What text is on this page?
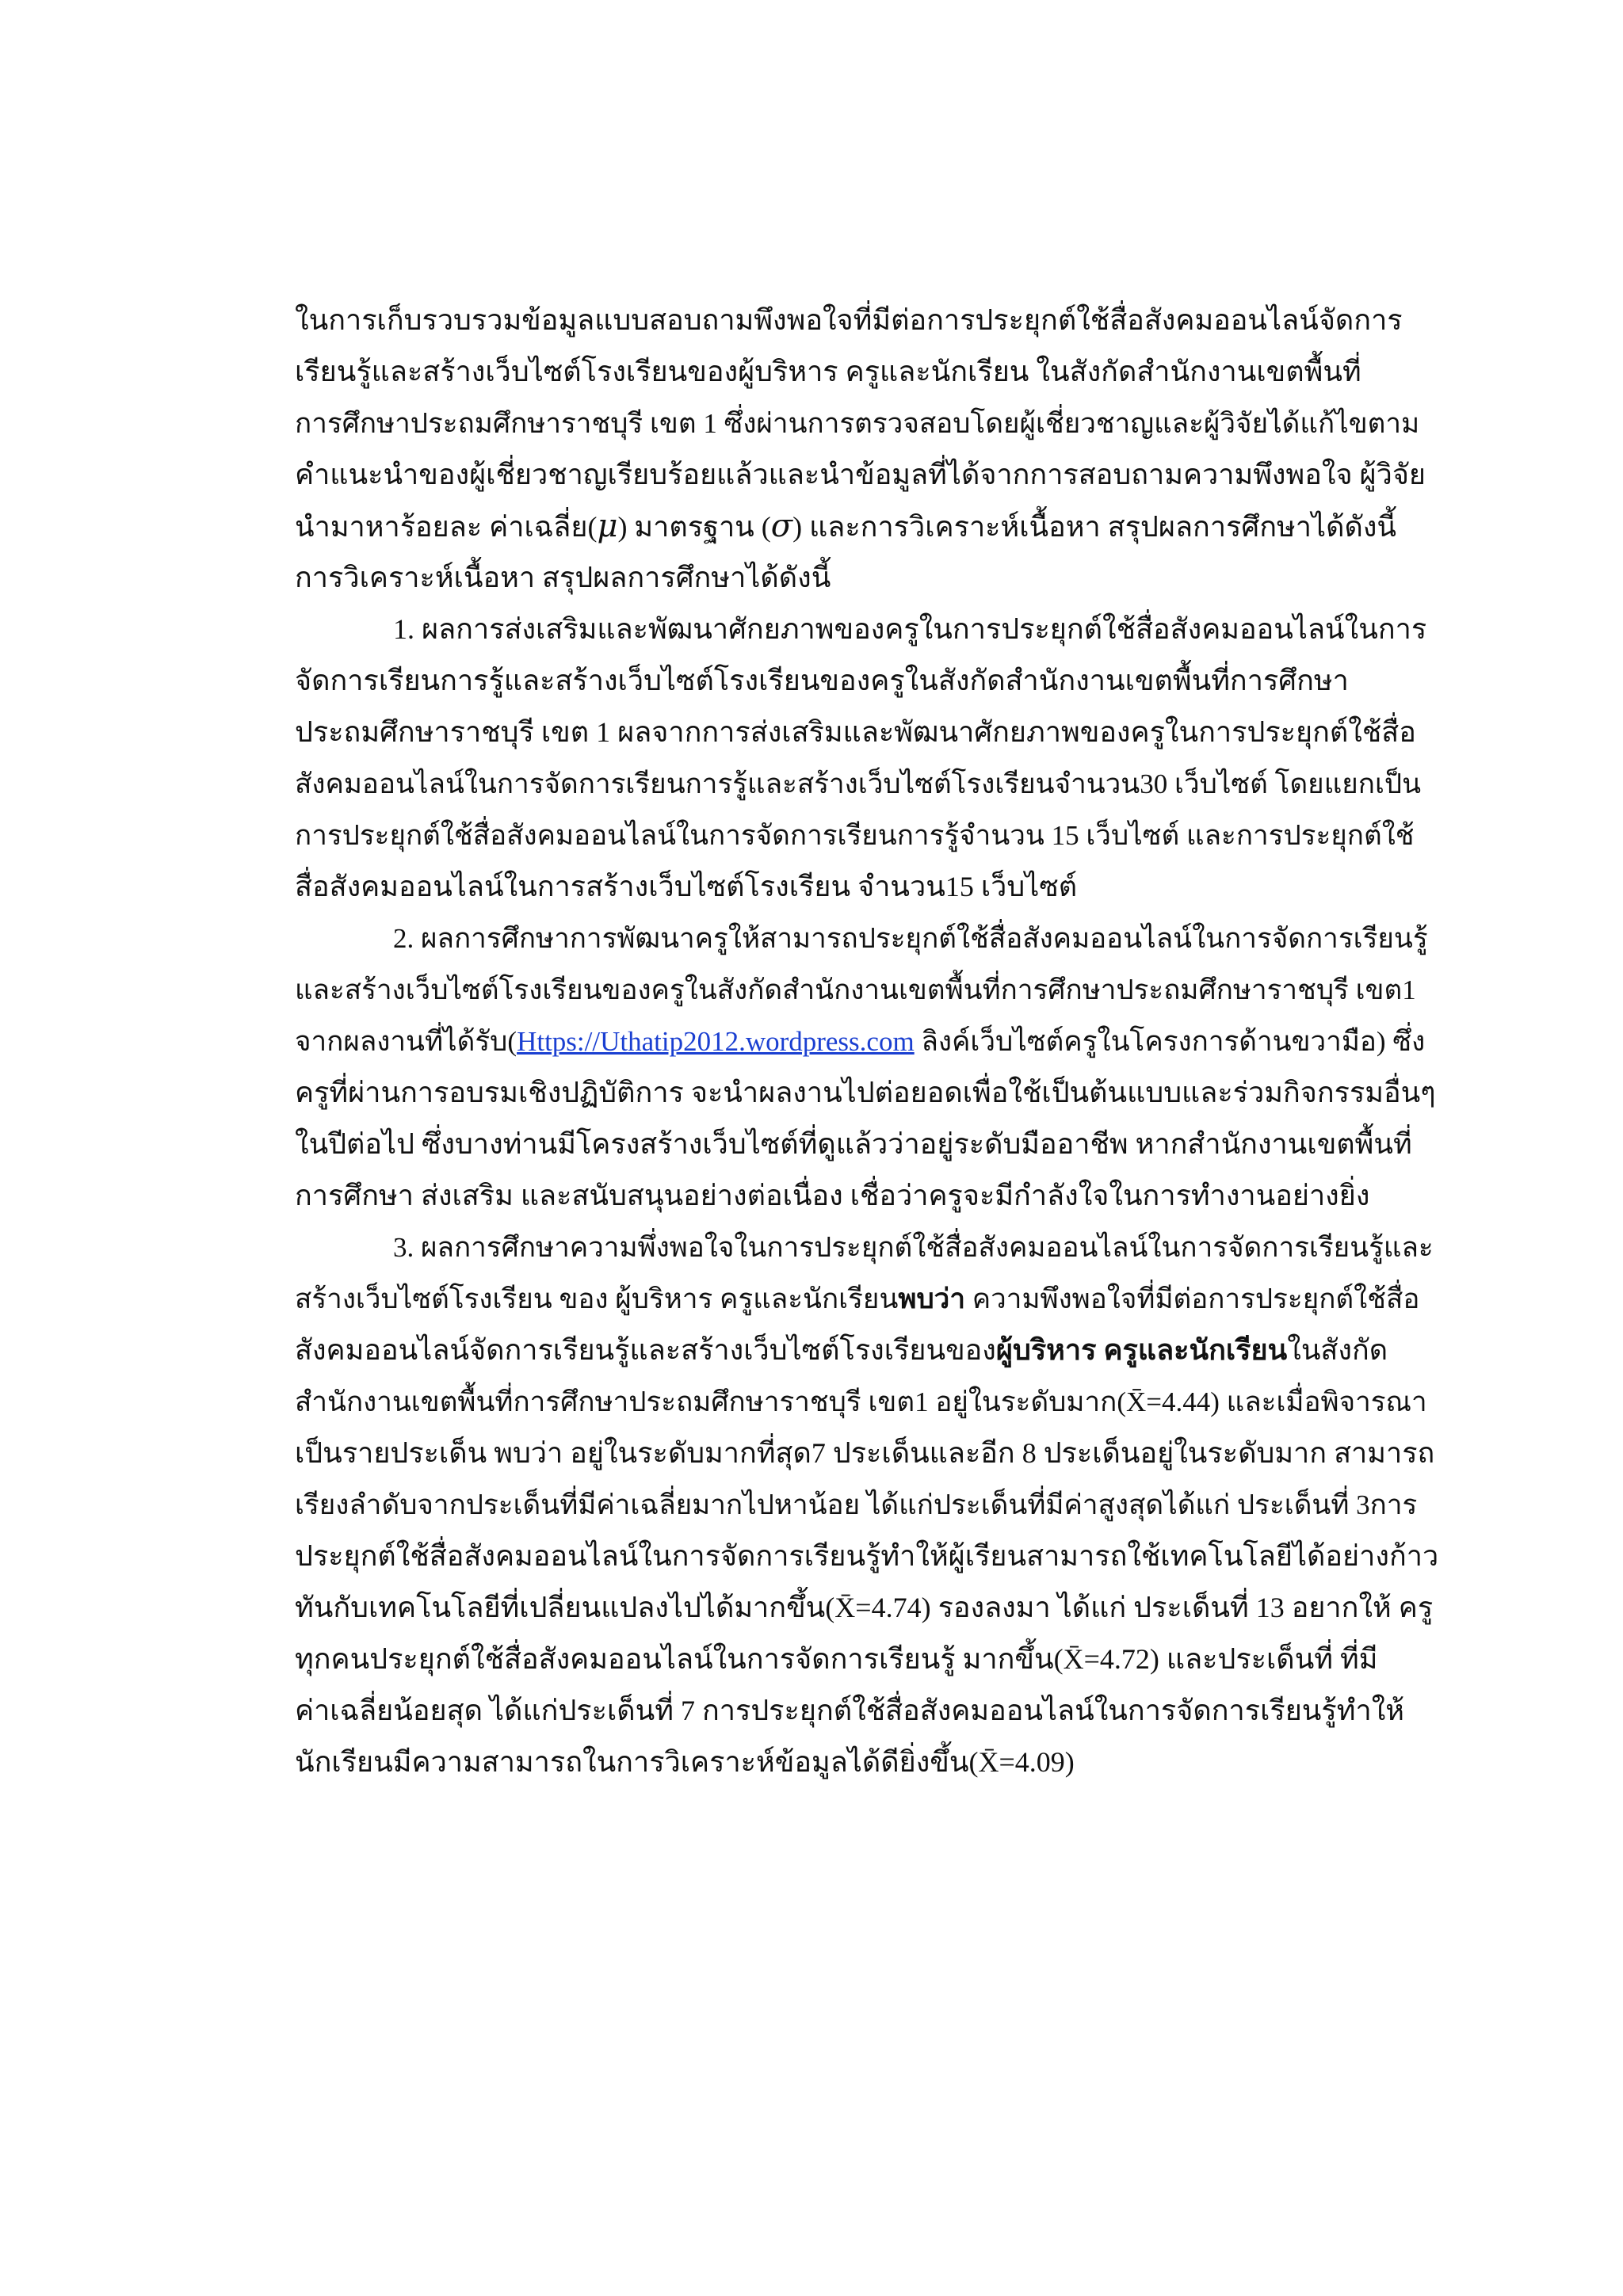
ในการเก็บรวบรวมข้อมูลแบบสอบถามพึงพอใจที่มีต่อการประยุกต์ใช้สื่อสังคมออนไลน์จัดการ
เรียนรู้และสร้างเว็บไซต์โรงเรียนของผู้บริหาร ครูและนักเรียน ในสังกัดสำนักงานเขตพื้นที่
การศึกษาประถมศึกษาราชบุรี เขต 1 ซึ่งผ่านการตรวจสอบโดยผู้เชี่ยวชาญและผู้วิจัยได้แก้ไขตาม
คำแนะนำของผู้เชี่ยวชาญเรียบร้อยแล้วและนำข้อมูลที่ได้จากการสอบถามความพึงพอใจ ผู้วิจัย
นำมาหาร้อยละ ค่าเฉลี่ย(μ) มาตรฐาน (σ) และการวิเคราะห์เนื้อหา สรุปผลการศึกษาได้ดังนี้
การวิเคราะห์เนื้อหา สรุปผลการศึกษาได้ดังนี้
1. ผลการส่งเสริมและพัฒนาศักยภาพของครูในการประยุกต์ใช้สื่อสังคมออนไลน์ในการ
จัดการเรียนการรู้และสร้างเว็บไซต์โรงเรียนของครูในสังกัดสำนักงานเขตพื้นที่การศึกษา
ประถมศึกษาราชบุรี เขต 1 ผลจากการส่งเสริมและพัฒนาศักยภาพของครูในการประยุกต์ใช้สื่อ
สังคมออนไลน์ในการจัดการเรียนการรู้และสร้างเว็บไซต์โรงเรียนจำนวน30 เว็บไซต์ โดยแยกเป็น
การประยุกต์ใช้สื่อสังคมออนไลน์ในการจัดการเรียนการรู้จำนวน 15 เว็บไซต์ และการประยุกต์ใช้
สื่อสังคมออนไลน์ในการสร้างเว็บไซต์โรงเรียน จำนวน15 เว็บไซต์
2. ผลการศึกษาการพัฒนาครูให้สามารถประยุกต์ใช้สื่อสังคมออนไลน์ในการจัดการเรียนรู้
และสร้างเว็บไซต์โรงเรียนของครูในสังกัดสำนักงานเขตพื้นที่การศึกษาประถมศึกษาราชบุรี เขต1
จากผลงานที่ได้รับ(Https://Uthatip2012.wordpress.com ลิงค์เว็บไซต์ครูในโครงการด้านขวามือ) ซึ่ง
ครูที่ผ่านการอบรมเชิงปฏิบัติการ จะนำผลงานไปต่อยอดเพื่อใช้เป็นต้นแบบและร่วมกิจกรรมอื่นๆ
ในปีต่อไป ซึ่งบางท่านมีโครงสร้างเว็บไซต์ที่ดูแล้วว่าอยู่ระดับมืออาชีพ หากสำนักงานเขตพื้นที่
การศึกษา ส่งเสริม และสนับสนุนอย่างต่อเนื่อง เชื่อว่าครูจะมีกำลังใจในการทำงานอย่างยิ่ง
3. ผลการศึกษาความพึ่งพอใจในการประยุกต์ใช้สื่อสังคมออนไลน์ในการจัดการเรียนรู้และ
สร้างเว็บไซต์โรงเรียน ของ ผู้บริหาร ครูและนักเรียนพบว่า ความพึงพอใจที่มีต่อการประยุกต์ใช้สื่อ
สังคมออนไลน์จัดการเรียนรู้และสร้างเว็บไซต์โรงเรียนของผู้บริหาร ครูและนักเรียนในสังกัด
สำนักงานเขตพื้นที่การศึกษาประถมศึกษาราชบุรี เขต1 อยู่ในระดับมาก(X̄=4.44) และเมื่อพิจารณา
เป็นรายประเด็น พบว่า อยู่ในระดับมากที่สุด7 ประเด็นและอีก 8 ประเด็นอยู่ในระดับมาก สามารถ
เรียงลำดับจากประเด็นที่มีค่าเฉลี่ยมากไปหาน้อย ได้แก่ประเด็นที่มีค่าสูงสุดได้แก่ ประเด็นที่ 3การ
ประยุกต์ใช้สื่อสังคมออนไลน์ในการจัดการเรียนรู้ทำให้ผู้เรียนสามารถใช้เทคโนโลยีได้อย่างก้าว
ทันกับเทคโนโลยีที่เปลี่ยนแปลงไปได้มากขึ้น(X̄=4.74) รองลงมา ได้แก่ ประเด็นที่ 13 อยากให้ ครู
ทุกคนประยุกต์ใช้สื่อสังคมออนไลน์ในการจัดการเรียนรู้ มากขึ้น(X̄=4.72) และประเด็นที่ ที่มี
ค่าเฉลี่ยน้อยสุด ได้แก่ประเด็นที่ 7 การประยุกต์ใช้สื่อสังคมออนไลน์ในการจัดการเรียนรู้ทำให้
นักเรียนมีความสามารถในการวิเคราะห์ข้อมูลได้ดียิ่งขึ้น(X̄=4.09)
